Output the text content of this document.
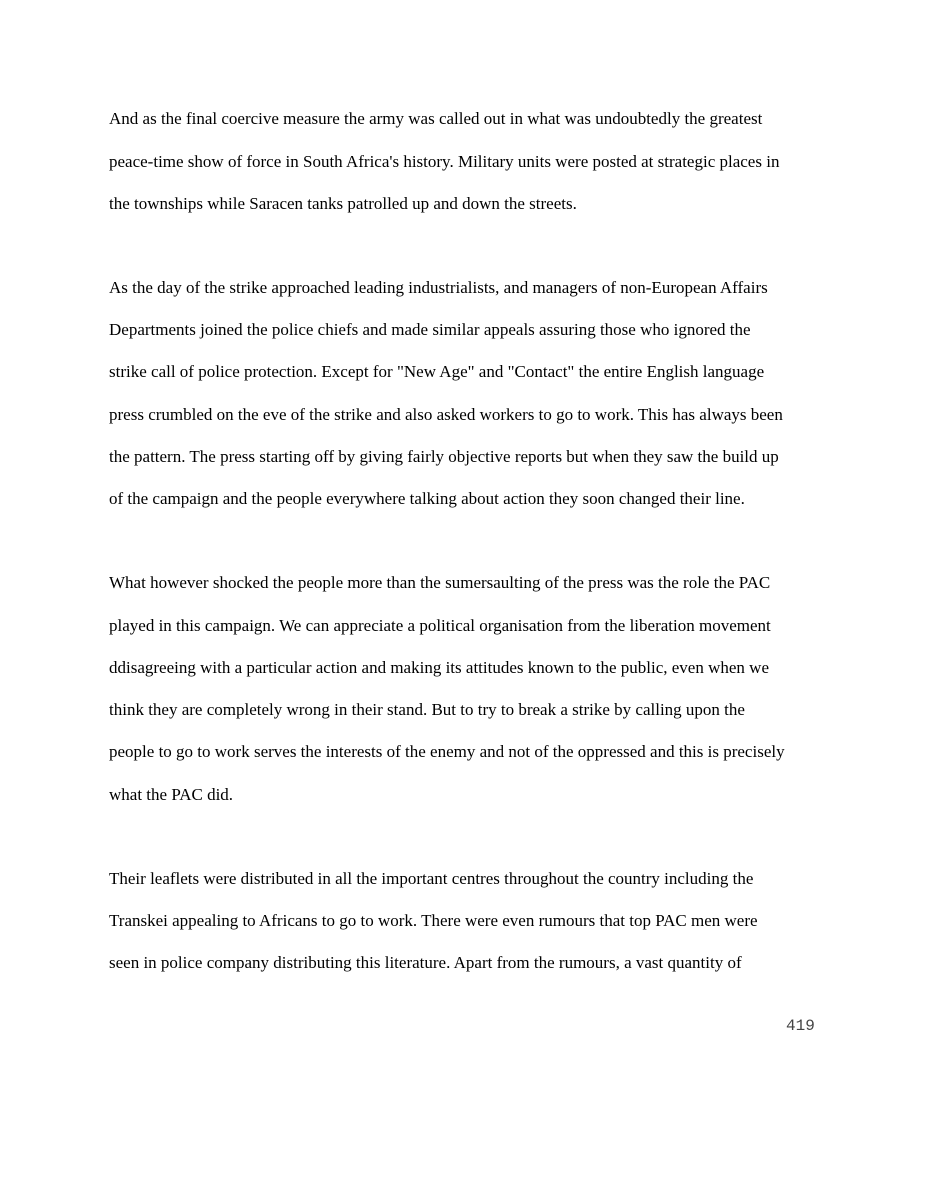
And as the final coercive measure the army was called out in what was undoubtedly the greatest
peace-time show of force in South Africa's history. Military units were posted at strategic places in
the townships while Saracen tanks patrolled up and down the streets.
As the day of the strike approached leading industrialists, and managers of non-European Affairs
Departments joined the police chiefs and made similar appeals assuring those who ignored the
strike call of police protection. Except for "New Age" and "Contact" the entire English language
press crumbled on the eve of the strike and also asked workers to go to work. This has always been
the pattern. The press starting off by giving fairly objective reports but when they saw the build up
of the campaign and the people everywhere talking about action they soon changed their line.
What however shocked the people more than the sumersaulting of the press was the role the PAC
played in this campaign. We can appreciate a political organisation from the liberation movement
ddisagreeing with a particular action and making its attitudes known to the public, even when we
think they are completely wrong in their stand. But to try to break a strike by calling upon the
people to go to work serves the interests of the enemy and not of the oppressed and this is precisely
what the PAC did.
Their leaflets were distributed in all the important centres throughout the country including the
Transkei appealing to Africans to go to work. There were even rumours that top PAC men were
seen in police company distributing this literature. Apart from the rumours, a vast quantity of
419
